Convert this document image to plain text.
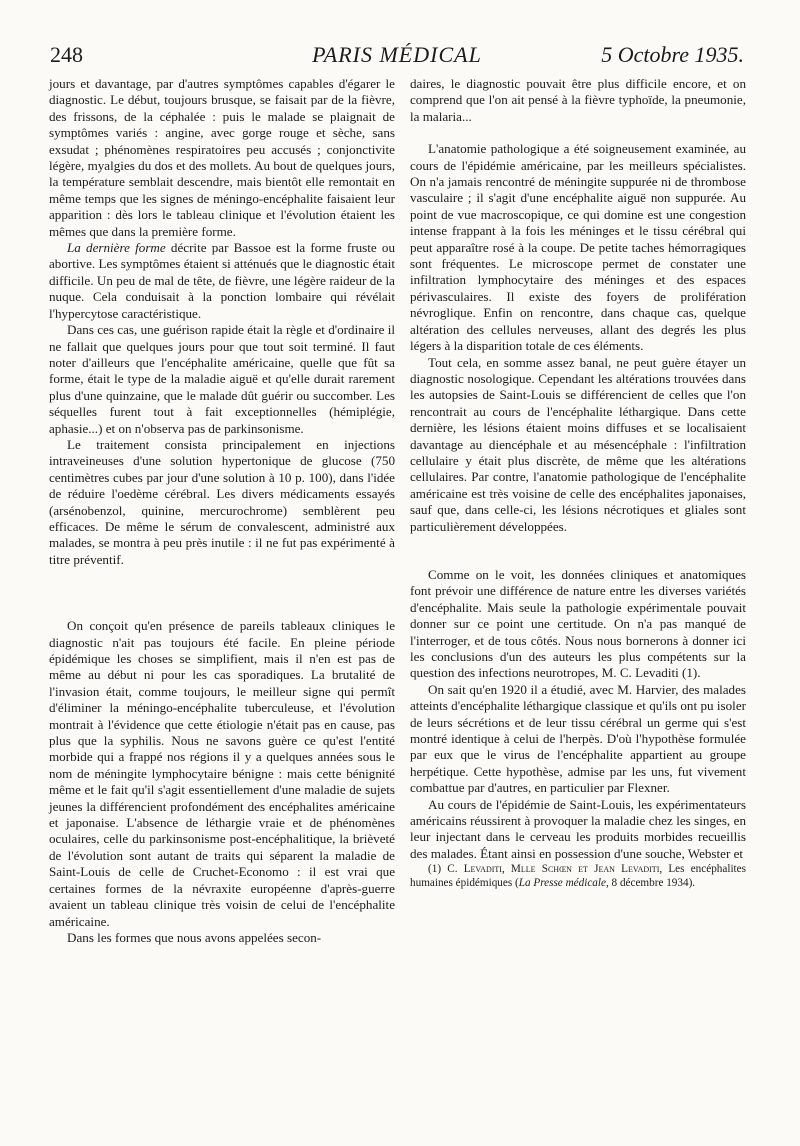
248	PARIS MÉDICAL	5 Octobre 1935.

jours et davantage, par d'autres symptômes capables d'égarer le diagnostic. Le début, toujours brusque, se faisait par de la fièvre, des frissons, de la céphalée : puis le malade se plaignait de symptômes variés : angine, avec gorge rouge et sèche, sans exsudat ; phénomènes respiratoires peu accusés ; conjonctivite légère, myalgies du dos et des mollets. Au bout de quelques jours, la température semblait descendre, mais bientôt elle remontait en même temps que les signes de méningo-encéphalite faisaient leur apparition : dès lors le tableau clinique et l'évolution étaient les mêmes que dans la première forme.

La dernière forme décrite par Bassoe est la forme fruste ou abortive. Les symptômes étaient si atténués que le diagnostic était difficile. Un peu de mal de tête, de fièvre, une légère raideur de la nuque. Cela conduisait à la ponction lombaire qui révélait l'hypercytose caractéristique.

Dans ces cas, une guérison rapide était la règle et d'ordinaire il ne fallait que quelques jours pour que tout soit terminé. Il faut noter d'ailleurs que l'encéphalite américaine, quelle que fût sa forme, était le type de la maladie aiguë et qu'elle durait rarement plus d'une quinzaine, que le malade dût guérir ou succomber. Les séquelles furent tout à fait exceptionnelles (hémiplégie, aphasie...) et on n'observa pas de parkinsonisme.

Le traitement consista principalement en injections intraveineuses d'une solution hypertonique de glucose (750 centimètres cubes par jour d'une solution à 10 p. 100), dans l'idée de réduire l'oedème cérébral. Les divers médicaments essayés (arsénobenzol, quinine, mercurochrome) semblèrent peu efficaces. De même le sérum de convalescent, administré aux malades, se montra à peu près inutile : il ne fut pas expérimenté à titre préventif.

On conçoit qu'en présence de pareils tableaux cliniques le diagnostic n'ait pas toujours été facile. En pleine période épidémique les choses se simplifient, mais il n'en est pas de même au début ni pour les cas sporadiques. La brutalité de l'invasion était, comme toujours, le meilleur signe qui permît d'éliminer la méningo-encéphalite tuberculeuse, et l'évolution montrait à l'évidence que cette étiologie n'était pas en cause, pas plus que la syphilis. Nous ne savons guère ce qu'est l'entité morbide qui a frappé nos régions il y a quelques années sous le nom de méningite lymphocytaire bénigne : mais cette bénignité même et le fait qu'il s'agit essentiellement d'une maladie de sujets jeunes la différencient profondément des encéphalites américaine et japonaise. L'absence de léthargie vraie et de phénomènes oculaires, celle du parkinsonisme post-encéphalitique, la brièveté de l'évolution sont autant de traits qui séparent la maladie de Saint-Louis de celle de Cruchet-Economo : il est vrai que certaines formes de la névraxite européenne d'après-guerre avaient un tableau clinique très voisin de celui de l'encéphalite américaine.

Dans les formes que nous avons appelées secon-

daires, le diagnostic pouvait être plus difficile encore, et on comprend que l'on ait pensé à la fièvre typhoïde, la pneumonie, la malaria...

L'anatomie pathologique a été soigneusement examinée, au cours de l'épidémie américaine, par les meilleurs spécialistes. On n'a jamais rencontré de méningite suppurée ni de thrombose vasculaire ; il s'agit d'une encéphalite aiguë non suppurée. Au point de vue macroscopique, ce qui domine est une congestion intense frappant à la fois les méninges et le tissu cérébral qui peut apparaître rosé à la coupe. De petite taches hémorragiques sont fréquentes. Le microscope permet de constater une infiltration lymphocytaire des méninges et des espaces périvasculaires. Il existe des foyers de prolifération névroglique. Enfin on rencontre, dans chaque cas, quelque altération des cellules nerveuses, allant des degrés les plus légers à la disparition totale de ces éléments.

Tout cela, en somme assez banal, ne peut guère étayer un diagnostic nosologique. Cependant les altérations trouvées dans les autopsies de Saint-Louis se différencient de celles que l'on rencontrait au cours de l'encéphalite léthargique. Dans cette dernière, les lésions étaient moins diffuses et se localisaient davantage au diencéphale et au mésencéphale : l'infiltration cellulaire y était plus discrète, de même que les altérations cellulaires. Par contre, l'anatomie pathologique de l'encéphalite américaine est très voisine de celle des encéphalites japonaises, sauf que, dans celle-ci, les lésions nécrotiques et gliales sont particulièrement développées.

Comme on le voit, les données cliniques et anatomiques font prévoir une différence de nature entre les diverses variétés d'encéphalite. Mais seule la pathologie expérimentale pouvait donner sur ce point une certitude. On n'a pas manqué de l'interroger, et de tous côtés. Nous nous bornerons à donner ici les conclusions d'un des auteurs les plus compétents sur la question des infections neurotropes, M. C. Levaditi (1).

On sait qu'en 1920 il a étudié, avec M. Harvier, des malades atteints d'encéphalite léthargique classique et qu'ils ont pu isoler de leurs sécrétions et de leur tissu cérébral un germe qui s'est montré identique à celui de l'herpès. D'où l'hypothèse formulée par eux que le virus de l'encéphalite appartient au groupe herpétique. Cette hypothèse, admise par les uns, fut vivement combattue par d'autres, en particulier par Flexner.

Au cours de l'épidémie de Saint-Louis, les expérimentateurs américains réussirent à provoquer la maladie chez les singes, en leur injectant dans le cerveau les produits morbides recueillis des malades. Étant ainsi en possession d'une souche, Webster et

(1) C. Levaditi, Mlle Schœn et Jean Levaditi, Les encéphalites humaines épidémiques (La Presse médicale, 8 décembre 1934).
